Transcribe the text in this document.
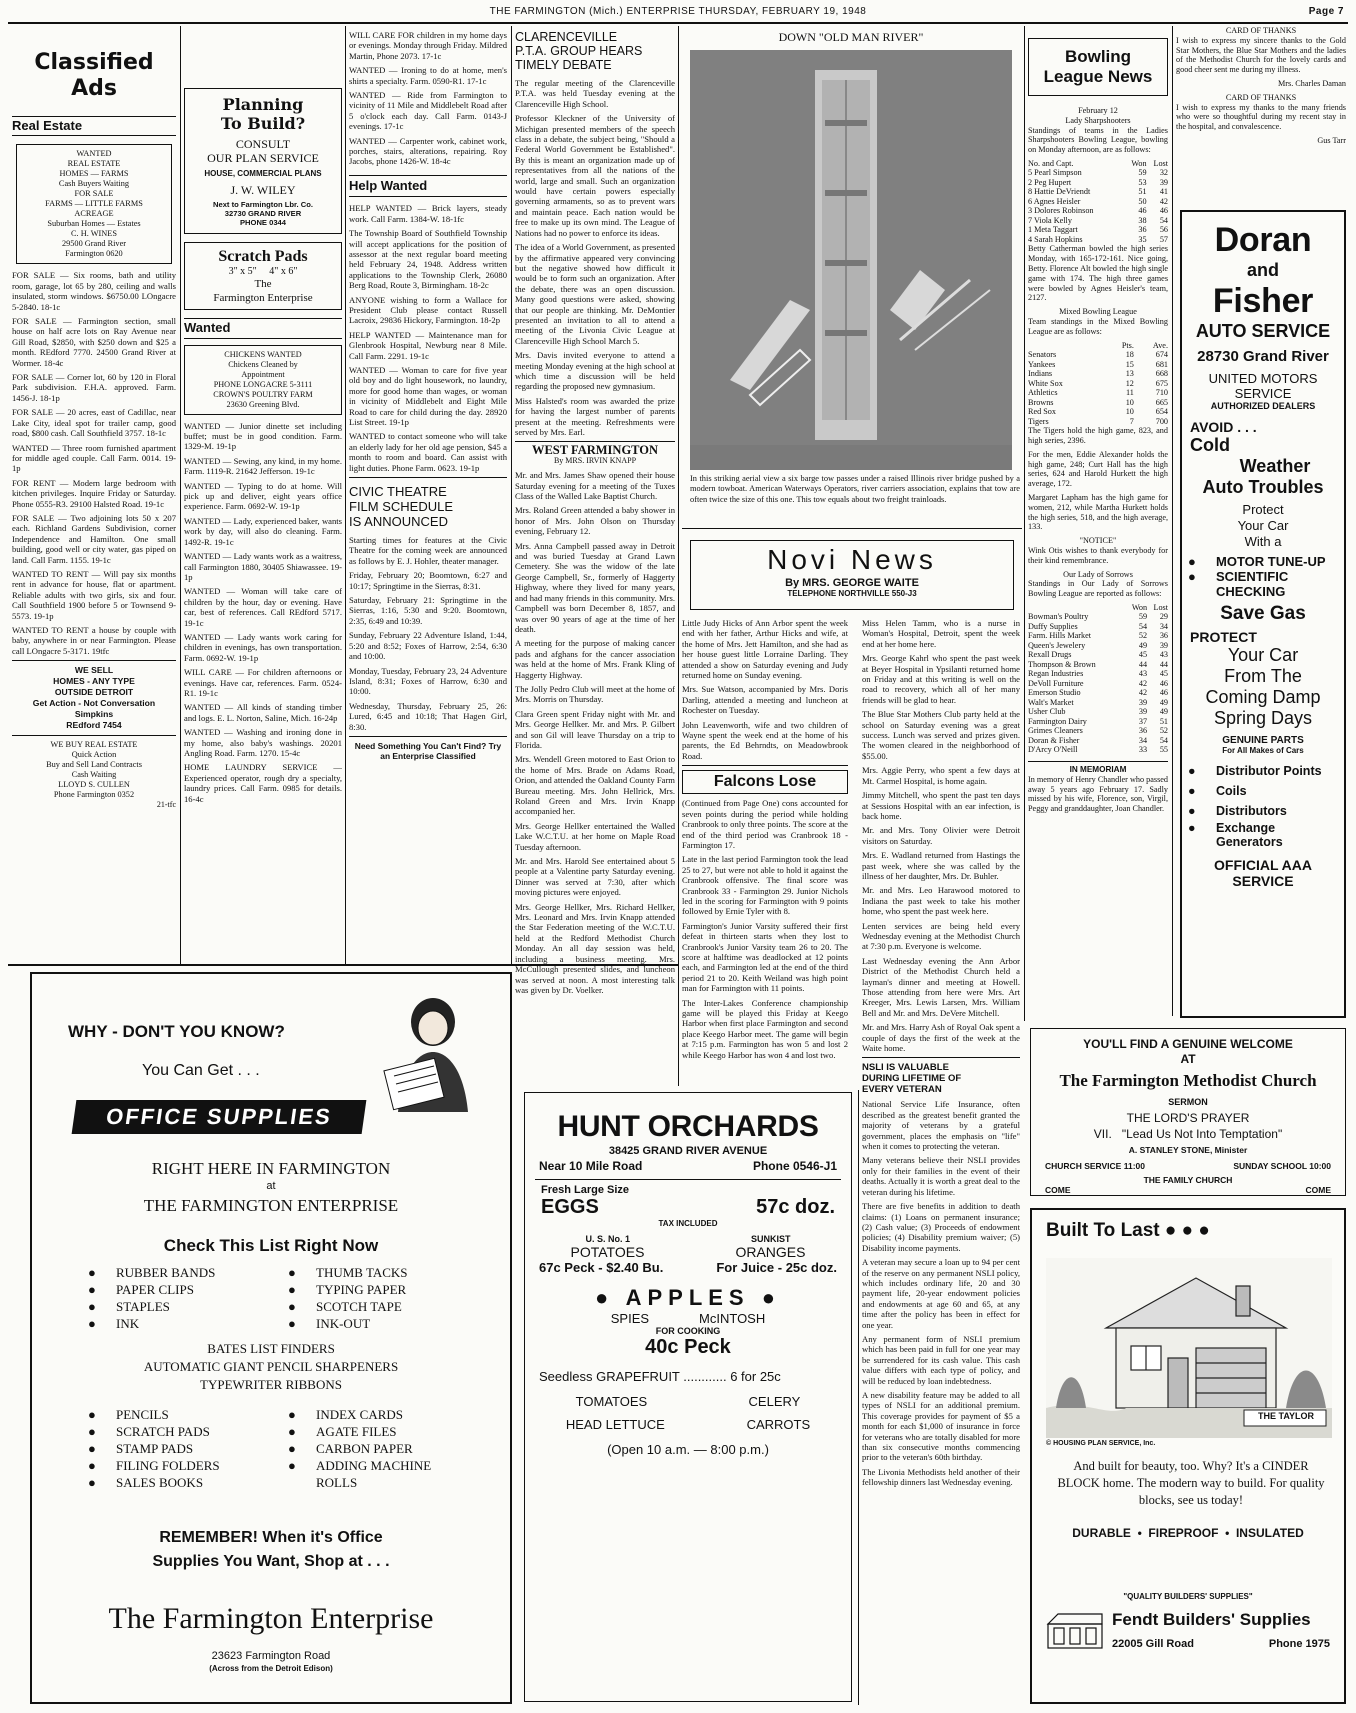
THE FARMINGTON (Mich.) ENTERPRISE THURSDAY, FEBRUARY 19, 1948	Page 7
Classified Ads
Real Estate
WANTED
REAL ESTATE
HOMES — FARMS
Cash Buyers Waiting
FOR SALE
FARMS — LITTLE FARMS
ACREAGE
Suburban Homes — Estates
C. H. WINES
29500 Grand River
Farmington 0620

FOR SALE — Six rooms, bath and utility room, garage, lot 65 by 280, ceiling and walls insulated, storm windows. $6750.00 LOngacre 5-2840. 18-1c

FOR SALE — Farmington section, small house on half acre lots on Ray Avenue near Gill Road, $2850, with $250 down and $25 a month. REdford 7770. 24500 Grand River at Wormer. 18-4c

FOR SALE — Corner lot, 60 by 120 in Floral Park subdivision. F.H.A. approved. Farm. 1456-J. 18-1p

FOR SALE — 20 acres, east of Cadillac, near Lake City, ideal spot for trailer camp, good road, $800 cash. Call Southfield 3757. 18-1c

WANTED — Three room furnished apartment for middle aged couple. Call Farm. 0014. 19-1p

FOR RENT — Modern large bedroom with kitchen privileges. Inquire Friday or Saturday. Phone 0555-R3. 29100 Halsted Road. 19-1c

FOR SALE — Two adjoining lots 50 x 207 each. Richland Gardens Subdivision, corner Independence and Hamilton. One small building, good well or city water, gas piped on land. Call Farm. 1155. 19-1c

WANTED TO RENT — Will pay six months rent in advance for house, flat or apartment. Reliable adults with two girls, six and four. Call Southfield 1900 before 5 or Townsend 9-5573. 19-1p

WANTED TO RENT a house by couple with baby, anywhere in or near Farmington. Please call LOngacre 5-3171. 19tfc

WE SELL
HOMES - ANY TYPE
OUTSIDE DETROIT
Get Action - Not Conversation
Simpkins
REdford 7454
WE BUY REAL ESTATE
Quick Action
Buy and Sell Land Contracts
Cash Waiting
LLOYD S. CULLEN
Phone Farmington 0352
21-tfc
Planning
To Build?
CONSULT
OUR PLAN SERVICE
HOUSE, COMMERCIAL PLANS
J. W. WILEY
Next to Farmington Lbr. Co.
32730 GRAND RIVER
PHONE 0344
Scratch Pads
3" x 5"     4" x 6"
The
Farmington Enterprise
Wanted
CHICKENS WANTED
Chickens Cleaned by
Appointment
PHONE LONGACRE 5-3111
CROWN'S POULTRY FARM
23630 Greening Blvd.

WANTED — Junior dinette set including buffet; must be in good condition. Farm. 1329-M. 19-1p

WANTED — Sewing, any kind, in my home. Farm. 1119-R. 21642 Jefferson. 19-1c

WANTED — Typing to do at home. Will pick up and deliver, eight years office experience. Farm. 0692-W. 19-1p

WANTED — Lady, experienced baker, wants work by day, will also do cleaning. Farm. 1492-R. 19-1c

WANTED — Lady wants work as a waitress, call Farmington 1880, 30405 Shiawassee. 19-1p

WANTED — Woman will take care of children by the hour, day or evening. Have car, best of references. Call REdford 5717. 19-1c

WANTED — Lady wants work caring for children in evenings, has own transportation. Farm. 0692-W. 19-1p

WILL CARE — For children afternoons or evenings. Have car, references. Farm. 0524-R1. 19-1c

WANTED — All kinds of standing timber and logs. E. L. Norton, Saline, Mich. 16-24p

WANTED — Washing and ironing done in my home, also baby's washings. 20201 Angling Road. Farm. 1270. 15-4c

HOME LAUNDRY SERVICE — Experienced operator, rough dry a specialty, laundry prices. Call Farm. 0985 for details. 16-4c

WILL CARE FOR children in my home days or evenings. Monday through Friday. Mildred Martin, Phone 2073. 17-1c

WANTED — Ironing to do at home, men's shirts a specialty. Farm. 0590-R1. 17-1c

WANTED — Ride from Farmington to vicinity of 11 Mile and Middlebelt Road after 5 o'clock each day. Call Farm. 0143-J evenings. 17-1c

WANTED — Carpenter work, cabinet work, porches, stairs, alterations, repairing. Roy Jacobs, phone 1426-W. 18-4c

Help Wanted

HELP WANTED — Brick layers, steady work. Call Farm. 1384-W. 18-1fc

The Township Board of Southfield Township will accept applications for the position of assessor at the next regular board meeting held February 24, 1948. Address written applications to the Township Clerk, 26080 Berg Road, Route 3, Birmingham. 18-2c

ANYONE wishing to form a Wallace for President Club please contact Russell Lacroix, 29836 Hickory, Farmington. 18-2p

HELP WANTED — Maintenance man for Glenbrook Hospital, Newburg near 8 Mile. Call Farm. 2291. 19-1c

WANTED — Woman to care for five year old boy and do light housework, no laundry, more for good home than wages, or woman in vicinity of Middlebelt and Eight Mile Road to care for child during the day. 28920 List Street. 19-1p

WANTED to contact someone who will take an elderly lady for her old age pension, $45 a month to room and board. Can assist with light duties. Phone Farm. 0623. 19-1p

CIVIC THEATRE
FILM SCHEDULE
IS ANNOUNCED

Starting times for features at the Civic Theatre for the coming week are announced as follows by E. J. Hohler, theater manager.

Friday, February 20; Boomtown, 6:27 and 10:17; Springtime in the Sierras, 8:31.

Saturday, February 21: Springtime in the Sierras, 1:16, 5:30 and 9:20. Boomtown, 2:35, 6:49 and 10:39.

Sunday, February 22 Adventure Island, 1:44, 5:20 and 8:52; Foxes of Harrow, 2:54, 6:30 and 10:00.

Monday, Tuesday, February 23, 24 Adventure Island, 8:31; Foxes of Harrow, 6:30 and 10:00.

Wednesday, Thursday, February 25, 26: Lured, 6:45 and 10:18; That Hagen Girl, 8:30.

Need Something You Can't Find? Try an Enterprise Classified
CLARENCEVILLE
P.T.A. GROUP HEARS
TIMELY DEBATE

The regular meeting of the Clarenceville P.T.A. was held Tuesday evening at the Clarenceville High School.

Professor Kleckner of the University of Michigan presented members of the speech class in a debate, the subject being, "Should a Federal World Government be Established". By this is meant an organization made up of representatives from all the nations of the world, large and small. Such an organization would have certain powers especially governing armaments, so as to prevent wars and maintain peace. Each nation would be free to make up its own mind. The League of Nations had no power to enforce its ideas.

The idea of a World Government, as presented by the affirmative appeared very convincing but the negative showed how difficult it would be to form such an organization. After the debate, there was an open discussion. Many good questions were asked, showing that our people are thinking. Mr. DeMontier presented an invitation to all to attend a meeting of the Livonia Civic League at Clarenceville High School March 5.

Mrs. Davis invited everyone to attend a meeting Monday evening at the high school at which time a discussion will be held regarding the proposed new gymnasium.

Miss Halsted's room was awarded the prize for having the largest number of parents present at the meeting. Refreshments were served by Mrs. Earl.

WEST FARMINGTON
By MRS. IRVIN KNAPP

Mr. and Mrs. James Shaw opened their house Saturday evening for a meeting of the Tuxes Class of the Walled Lake Baptist Church.

Mrs. Roland Green attended a baby shower in honor of Mrs. John Olson on Thursday evening, February 12.

Mrs. Anna Campbell passed away in Detroit and was buried Tuesday at Grand Lawn Cemetery. She was the widow of the late George Campbell, Sr., formerly of Haggerty Highway, where they lived for many years, and had many friends in this community. Mrs. Campbell was born December 8, 1857, and was over 90 years of age at the time of her death.

A meeting for the purpose of making cancer pads and afghans for the cancer association was held at the home of Mrs. Frank Kling of Haggerty Highway.

The Jolly Pedro Club will meet at the home of Mrs. Morris on Thursday.

Clara Green spent Friday night with Mr. and Mrs. George Hellker. Mr. and Mrs. P. Gilbert and son Gil will leave Thursday on a trip to Florida.

Mrs. Wendell Green motored to East Orion to the home of Mrs. Brade on Adams Road, Orion, and attended the Oakland County Farm Bureau meeting. Mrs. John Hellrick, Mrs. Roland Green and Mrs. Irvin Knapp accompanied her.

Mrs. George Hellker entertained the Walled Lake W.C.T.U. at her home on Maple Road Tuesday afternoon.

Mr. and Mrs. Harold See entertained about 5 people at a Valentine party Saturday evening. Dinner was served at 7:30, after which moving pictures were enjoyed.

Mrs. George Hellker, Mrs. Richard Hellker, Mrs. Leonard and Mrs. Irvin Knapp attended the Star Federation meeting of the W.C.T.U. held at the Redford Methodist Church Monday. An all day session was held, including a business meeting. Mrs. McCullough presented slides, and luncheon was served at noon. A most interesting talk was given by Dr. Voelker.

DOWN "OLD MAN RIVER"

In this striking aerial view a six barge tow passes under a raised Illinois river bridge pushed by a modern towboat. American Waterways Operators, river carriers association, explains that tow are often twice the size of this one. This tow equals about two freight trainloads.

Novi News
By MRS. GEORGE WAITE
TELEPHONE NORTHVILLE 550-J3

Little Judy Hicks of Ann Arbor spent the week end with her father, Arthur Hicks and wife, at the home of Mrs. Jett Hamilton, and she had as her house guest little Lorraine Darling. They attended a show on Saturday evening and Judy returned home on Sunday evening.

Mrs. Sue Watson, accompanied by Mrs. Doris Darling, attended a meeting and luncheon at Rochester on Tuesday.

John Leavenworth, wife and two children of Wayne spent the week end at the home of his parents, the Ed Behrndts, on Meadowbrook Road.

Falcons Lose

(Continued from Page One) cons accounted for seven points during the period while holding Cranbrook to only three points. The score at the end of the third period was Cranbrook 18 - Farmington 17.

Late in the last period Farmington took the lead 25 to 27, but were not able to hold it against the Cranbrook offensive. The final score was Cranbrook 33 - Farmington 29. Junior Nichols led in the scoring for Farmington with 9 points followed by Ernie Tyler with 8.

Farmington's Junior Varsity suffered their first defeat in thirteen starts when they lost to Cranbrook's Junior Varsity team 26 to 20. The score at halftime was deadlocked at 12 points each, and Farmington led at the end of the third period 21 to 20. Keith Weiland was high point man for Farmington with 11 points.

The Inter-Lakes Conference championship game will be played this Friday at Keego Harbor when first place Farmington and second place Keego Harbor meet. The game will begin at 7:15 p.m. Farmington has won 5 and lost 2 while Keego Harbor has won 4 and lost two.

Miss Helen Tamm, who is a nurse in Woman's Hospital, Detroit, spent the week end at her home here.

Mrs. George Kahrl who spent the past week at Beyer Hospital in Ypsilanti returned home on Friday and at this writing is well on the road to recovery, which all of her many friends will be glad to hear.

The Blue Star Mothers Club party held at the school on Saturday evening was a great success. Lunch was served and prizes given. The women cleared in the neighborhood of $55.00.

Mrs. Aggie Perry, who spent a few days at Mt. Carmel Hospital, is home again.

Jimmy Mitchell, who spent the past ten days at Sessions Hospital with an ear infection, is back home.

Mr. and Mrs. Tony Olivier were Detroit visitors on Saturday.

Mrs. E. Wadland returned from Hastings the past week, where she was called by the illness of her daughter, Mrs. Dr. Buhler.

Mr. and Mrs. Leo Harawood motored to Indiana the past week to take his mother home, who spent the past week here.

Lenten services are being held every Wednesday evening at the Methodist Church at 7:30 p.m. Everyone is welcome.

Last Wednesday evening the Ann Arbor District of the Methodist Church held a layman's dinner and meeting at Howell. Those attending from here were Mrs. Art Kreeger, Mrs. Lewis Larsen, Mrs. William Bell and Mr. and Mrs. DeVere Mitchell.

Mr. and Mrs. Harry Ash of Royal Oak spent a couple of days the first of the week at the Waite home.

NSLI IS VALUABLE
DURING LIFETIME OF
EVERY VETERAN

National Service Life Insurance, often described as the greatest benefit granted the majority of veterans by a grateful government, places the emphasis on "life" when it comes to protecting the veteran.

Many veterans believe their NSLI provides only for their families in the event of their deaths. Actually it is worth a great deal to the veteran during his lifetime.

There are five benefits in addition to death claims: (1) Loans on permanent insurance; (2) Cash value; (3) Proceeds of endowment policies; (4) Disability premium waiver; (5) Disability income payments.

A veteran may secure a loan up to 94 per cent of the reserve on any permanent NSLI policy, which includes ordinary life, 20 and 30 payment life, 20-year endowment policies and endowments at age 60 and 65, at any time after the policy has been in effect for one year.

Any permanent form of NSLI premium which has been paid in full for one year may be surrendered for its cash value. This cash value differs with each type of policy, and will be reduced by loan indebtedness.

A new disability feature may be added to all types of NSLI for an additional premium. This coverage provides for payment of $5 a month for each $1,000 of insurance in force for veterans who are totally disabled for more than six consecutive months commencing prior to the veteran's 60th birthday.

The Livonia Methodists held another of their fellowship dinners last Wednesday evening.

HUNT ORCHARDS
38425 GRAND RIVER AVENUE
Near 10 Mile Road	Phone 0546-J1
Fresh Large Size
EGGS	57c doz.
TAX INCLUDED
U. S. No. 1	SUNKIST
POTATOES	ORANGES
67c Peck - $2.40 Bu.	For Juice - 25c doz.
● APPLES ●
SPIES	McINTOSH
FOR COOKING
40c Peck
Seedless GRAPEFRUIT ............ 6 for 25c
TOMATOES	CELERY
HEAD LETTUCE	CARROTS
(Open 10 a.m. — 8:00 p.m.)
Bowling
League News
February 12
Lady Sharpshooters

Standings of teams in the Ladies Sharpshooters Bowling League, bowling on Monday afternoon, are as follows:

No. and Capt.	Won	Lost
5 Pearl Simpson	59	32
2 Peg Hupert	53	39
8 Hattie DeVriendt	51	41
6 Agnes Heisler	50	42
3 Dolores Robinson	46	46
7 Viola Kelly	38	54
1 Meta Taggart	36	56
4 Sarah Hopkins	35	57

Betty Catherman bowled the high series Monday, with 165-172-161. Nice going, Betty. Florence Alt bowled the high single game with 174. The high three games were bowled by Agnes Heisler's team, 2127.

Mixed Bowling League

Team standings in the Mixed Bowling League are as follows:

	Pts.	Ave.
Senators	18	674
Yankees	15	681
Indians	13	668
White Sox	12	675
Athletics	11	710
Browns	10	665
Red Sox	10	654
Tigers	7	700

The Tigers hold the high game, 823, and high series, 2396.

For the men, Eddie Alexander holds the high game, 248; Curt Hall has the high series, 624 and Harold Hurkett the high average, 172.

Margaret Lapham has the high game for women, 212, while Martha Hurkett holds the high series, 518, and the high average, 133.

"NOTICE"

Wink Otis wishes to thank everybody for their kind remembrance.

Our Lady of Sorrows

Standings in Our Lady of Sorrows Bowling League are reported as follows:

	Won	Lost
Bowman's Poultry	59	29
Duffy Supplies	54	34
Farm. Hills Market	52	36
Queen's Jewelery	49	39
Rexall Drugs	45	43
Thompson & Brown	44	44
Regan Industries	43	45
DeVoll Furniture	42	46
Emerson Studio	42	46
Walt's Market	39	49
Usher Club	39	49
Farmington Dairy	37	51
Grimes Cleaners	36	52
Doran & Fisher	34	54
D'Arcy O'Neill	33	55
IN MEMORIAM

In memory of Henry Chandler who passed away 5 years ago February 17. Sadly missed by his wife, Florence, son, Virgil, Peggy and granddaughter, Joan Chandler.

CARD OF THANKS

I wish to express my sincere thanks to the Gold Star Mothers, the Blue Star Mothers and the ladies of the Methodist Church for the lovely cards and good cheer sent me during my illness.

Mrs. Charles Daman
CARD OF THANKS

I wish to express my thanks to the many friends who were so thoughtful during my recent stay in the hospital, and convalescence.

Gus Tarr
Doran
and
Fisher
AUTO SERVICE
28730 Grand River
UNITED MOTORS
SERVICE
AUTHORIZED DEALERS
AVOID . . .
Cold
Weather
Auto Troubles
Protect
Your Car
With a
● MOTOR TUNE-UP
● SCIENTIFIC
CHECKING
Save Gas
PROTECT
Your Car
From The
Coming Damp
Spring Days
GENUINE PARTS
For All Makes of Cars
● Distributor Points
● Coils
● Distributors
● Exchange Generators
OFFICIAL AAA
SERVICE
YOU'LL FIND A GENUINE WELCOME
AT
The Farmington Methodist Church
SERMON
THE LORD'S PRAYER
VII. "Lead Us Not Into Temptation"
A. STANLEY STONE, Minister
CHURCH SERVICE 11:00	SUNDAY SCHOOL 10:00
THE FAMILY CHURCH
COME	COME
Built To Last ● ● ●
THE TAYLOR
© HOUSING PLAN SERVICE, Inc.
And built for beauty, too. Why? It's a CINDER BLOCK home. The modern way to build. For quality blocks, see us today!
DURABLE  •  FIREPROOF  •  INSULATED
"QUALITY BUILDERS' SUPPLIES"
Fendt Builders' Supplies
22005 Gill Road	Phone 1975
WHY - DON'T YOU KNOW?
You Can Get . . .
OFFICE SUPPLIES
RIGHT HERE IN FARMINGTON
at
THE FARMINGTON ENTERPRISE
Check This List Right Now
● RUBBER BANDS
● PAPER CLIPS
● STAPLES
● INK
● THUMB TACKS
● TYPING PAPER
● SCOTCH TAPE
● INK-OUT
BATES LIST FINDERS
AUTOMATIC GIANT PENCIL SHARPENERS
TYPEWRITER RIBBONS
● PENCILS
● SCRATCH PADS
● STAMP PADS
● FILING FOLDERS
● SALES BOOKS
● INDEX CARDS
● AGATE FILES
● CARBON PAPER
● ADDING MACHINE
ROLLS
REMEMBER! When it's Office
Supplies You Want, Shop at . . .
The Farmington Enterprise
23623 Farmington Road
(Across from the Detroit Edison)
